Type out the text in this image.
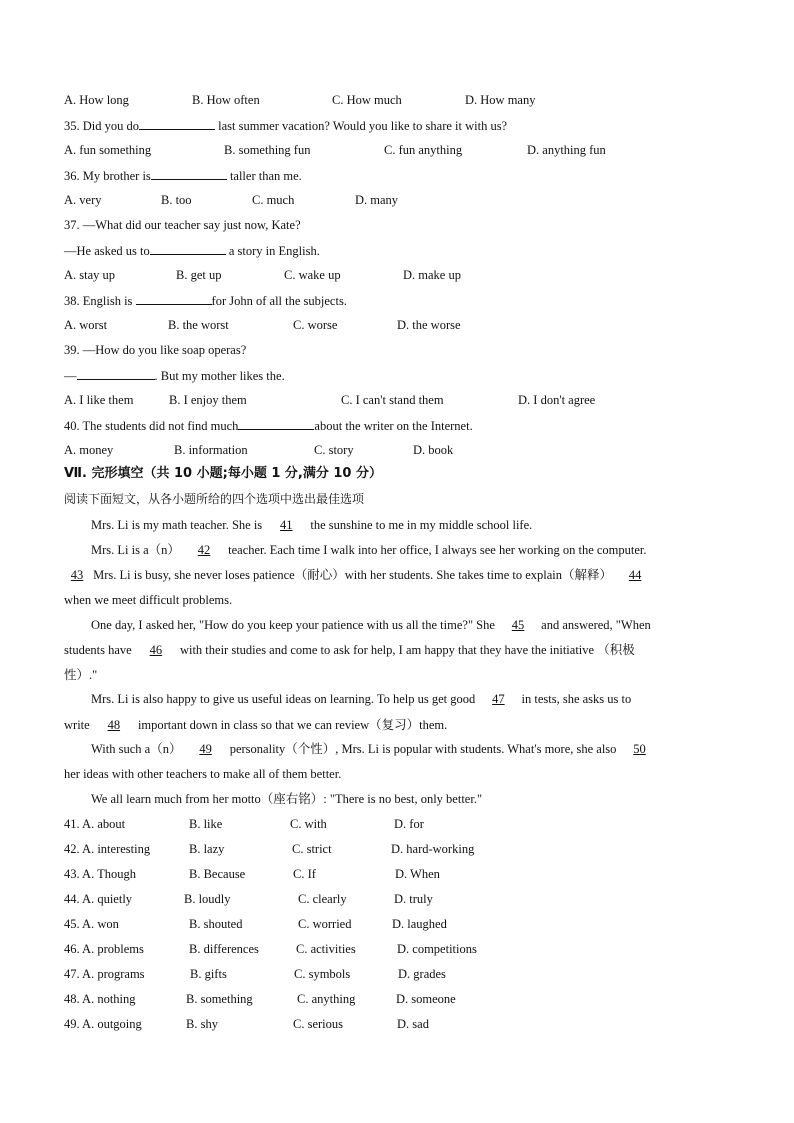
A. How long	B. How often	C. How much	D. How many
35. Did you do	last summer vacation? Would you like to share it with us?
A. fun something	B. something fun	C. fun anything	D. anything fun
36. My brother is	taller than me.
A. very	B. too	C. much	D. many
37. —What did our teacher say just now, Kate?
—He asked us to	a story in English.
A. stay up	B. get up	C. wake up	D. make up
38. English is	for John of all the subjects.
A. worst	B. the worst	C. worse	D. the worse
39. —How do you like soap operas?
—	. But my mother likes the.
A. I like them	B. I enjoy them	C. I can't stand them	D. I don't agree
40. The students did not find much	about the writer on the Internet.
A. money	B. information	C. story	D. book
Ⅶ. 完形填空（共 10 小题;每小题 1 分,满分 10 分）
阅读下面短文，从各小题所给的四个选项中选出最佳选项
Mrs. Li is my math teacher. She is 41 the sunshine to me in my middle school life.
Mrs. Li is a（n） 42 teacher. Each time I walk into her office, I always see her working on the computer.
43 Mrs. Li is busy, she never loses patience（耐心）with her students. She takes time to explain（解释） 44
when we meet difficult problems.
One day, I asked her, "How do you keep your patience with us all the time?" She 45 and answered, "When
students have 46 with their studies and come to ask for help, I am happy that they have the initiative （积极
性）."
Mrs. Li is also happy to give us useful ideas on learning. To help us get good 47 in tests, she asks us to
write 48 important down in class so that we can review（复习）them.
With such a（n） 49 personality（个性）, Mrs. Li is popular with students. What's more, she also 50
her ideas with other teachers to make all of them better.
We all learn much from her motto（座右铭）: "There is no best, only better."
41. A. about	B. like	C. with	D. for
42. A. interesting	B. lazy	C. strict	D. hard-working
43. A. Though	B. Because	C. If	D. When
44. A. quietly	B. loudly	C. clearly	D. truly
45. A. won	B. shouted	C. worried	D. laughed
46. A. problems	B. differences	C. activities	D. competitions
47. A. programs	B. gifts	C. symbols	D. grades
48. A. nothing	B. something	C. anything	D. someone
49. A. outgoing	B. shy	C. serious	D. sad
